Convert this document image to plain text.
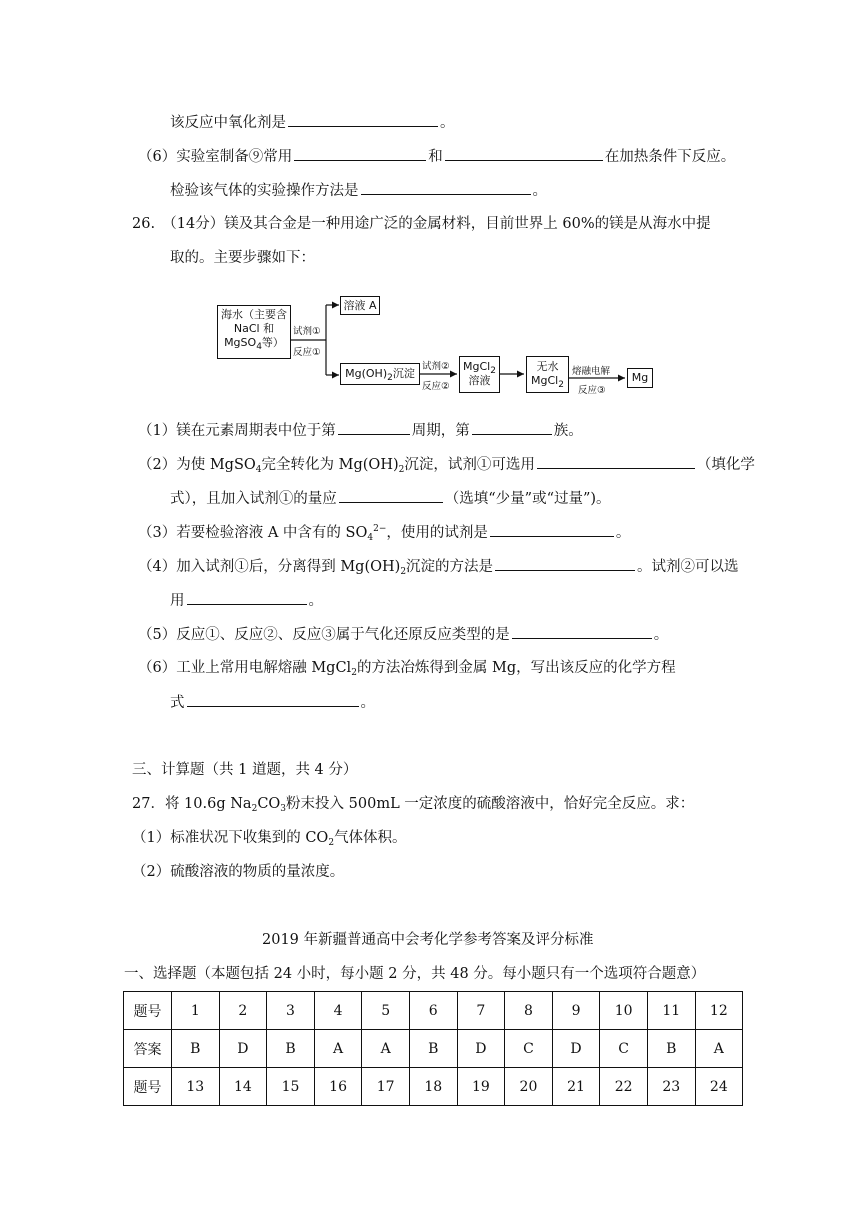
该反应中氧化剂是	。
（6）实验室制备⑨常用	和	在加热条件下反应。
检验该气体的实验操作方法是	。
26.　（14分）镁及其合金是一种用途广泛的金属材料，目前世界上 60%的镁是从海水中提
取的。主要步骤如下：
海水（主要含
NaCl 和
MgSO$_4$等）
试剂①
反应①
溶液 A
$Mg(OH)_2$沉淀
试剂②
反应②
MgCl$_2$
溶液
无水
MgCl$_2$
熔融电解
反应③
Mg
（1）镁在元素周期表中位于第	周期，第	族。
（2）为使 MgSO$_4$完全转化为 $Mg(OH)_2$沉淀，试剂①可选用	（填化学
式），且加入试剂①的量应	（选填“少量”或“过量”)。
（3）若要检验溶液 A 中含有的 $SO_4^{2-}$，使用的试剂是	。
（4）加入试剂①后，分离得到 $Mg(OH)_2$沉淀的方法是	。试剂②可以选
用	。
（5）反应①、反应②、反应③属于气化还原反应类型的是	。
（6）工业上常用电解熔融 MgCl$_2$的方法冶炼得到金属 Mg，写出该反应的化学方程
式	。
三、计算题（共 1 道题，共 4 分）
27．将 10.6g $Na_2CO_3$粉末投入 500mL 一定浓度的硫酸溶液中，恰好完全反应。求：
（1）标准状况下收集到的 $CO_2$气体体积。
（2）硫酸溶液的物质的量浓度。
2019 年新疆普通高中会考化学参考答案及评分标准
一、选择题（本题包括 24 小时，每小题 2 分，共 48 分。每小题只有一个选项符合题意）
题号	1	2	3	4	5	6	7	8	9	10	11	12
答案	B	D	B	A	A	B	D	C	D	C	B	A
题号	13	14	15	16	17	18	19	20	21	22	23	24
